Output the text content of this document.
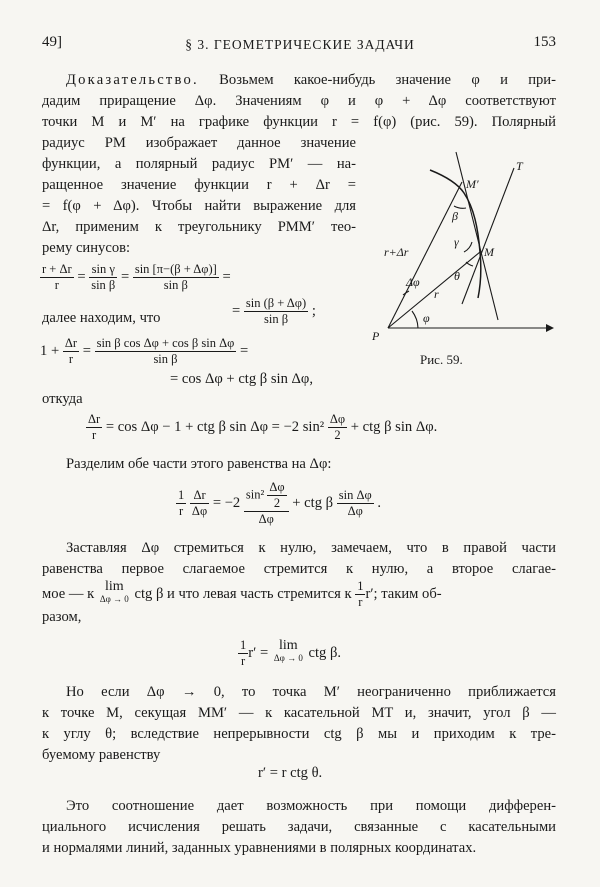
49]	§ 3. ГЕОМЕТРИЧЕСКИЕ ЗАДАЧИ	153
Доказательство. Возьмем какое-нибудь значение φ и при-
дадим приращение Δφ. Значениям φ и φ + Δφ соответствуют
точки M и M′ на графике функции r = f(φ) (рис. 59). Полярный
радиус PM изображает данное значение
функции, а полярный радиус PM′ — на-
ращенное значение функции r + Δr =
= f(φ + Δφ). Чтобы найти выражение для
Δr, применим к треугольнику PMM′ тео-
рему синусов:
$\frac{r + \Delta r}{r} = \frac{\text{sin γ}}{\text{sin β}} = \frac{\sin [\pi-(\beta + \Delta\varphi)]}{\text{sin β}}$ =
= $\frac{\sin (\beta + \Delta\varphi)}{\text{sin β}}$ ;
далее находим, что
$1 + \frac{\Delta r}{r} = \frac{\text{sin β cos Δφ + cos β sin Δφ}}{\text{sin β}}$ =
= cos Δφ + ctg β sin Δφ,
откуда
$\frac{\Delta r}{r} = \cos \Delta\varphi - 1$ + ctg β sin Δφ = −2 $\sin^2 \frac{\Delta\varphi}{2}$ + ctg β sin Δφ.
Разделим обе части этого равенства на Δφ:
$\frac{1}{r}$
$\frac{\Delta r}{\Delta\varphi} = -2 \frac{\sin^2 \frac{\Delta\varphi}{2}}{\Delta\varphi}$ + ctg β $\frac{\text{sin Δφ}}{\Delta\varphi}$ .
Заставляя Δφ стремиться к нулю, замечаем, что в правой части
равенства первое слагаемое стремится к нулю, а второе слагае-
мое — к lim
Δφ → 0 ctg β и что левая часть стремится к $\frac{1}{r} r'$; таким об-
разом,
$\frac{1}{r} r' = \lim$
Δφ → 0 ctg β.
Но если Δφ → 0, то точка M′ неограниченно приближается
к точке M, секущая MM′ — к касательной MT и, значит, угол β —
к углу θ; вследствие непрерывности ctg β мы и приходим к тре-
буемому равенству
r′ = r ctg θ.
Это соотношение дает возможность при помощи дифферен-
циального исчисления решать задачи, связанные с касательными
и нормалями линий, заданных уравнениями в полярных координатах.
T
M′
M
P
β
γ
θ
φ
Δφ
r
r+Δr
Рис. 59.
